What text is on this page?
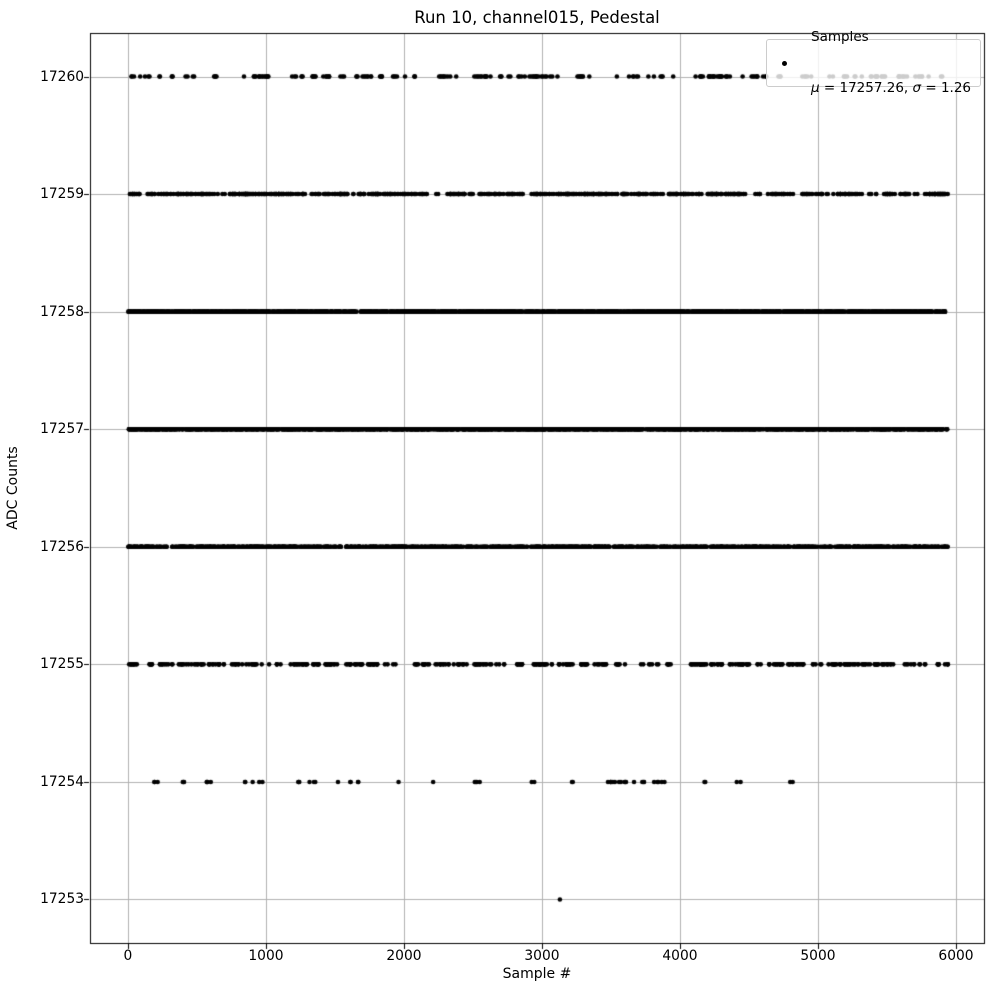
Run 10, channel015, Pedestal
Sample #
ADC Counts
17253
17254
17255
17256
17257
17258
17259
17260
0	1000	2000	3000	4000	5000	6000

Samples

μ = 17257.26, σ = 1.26
